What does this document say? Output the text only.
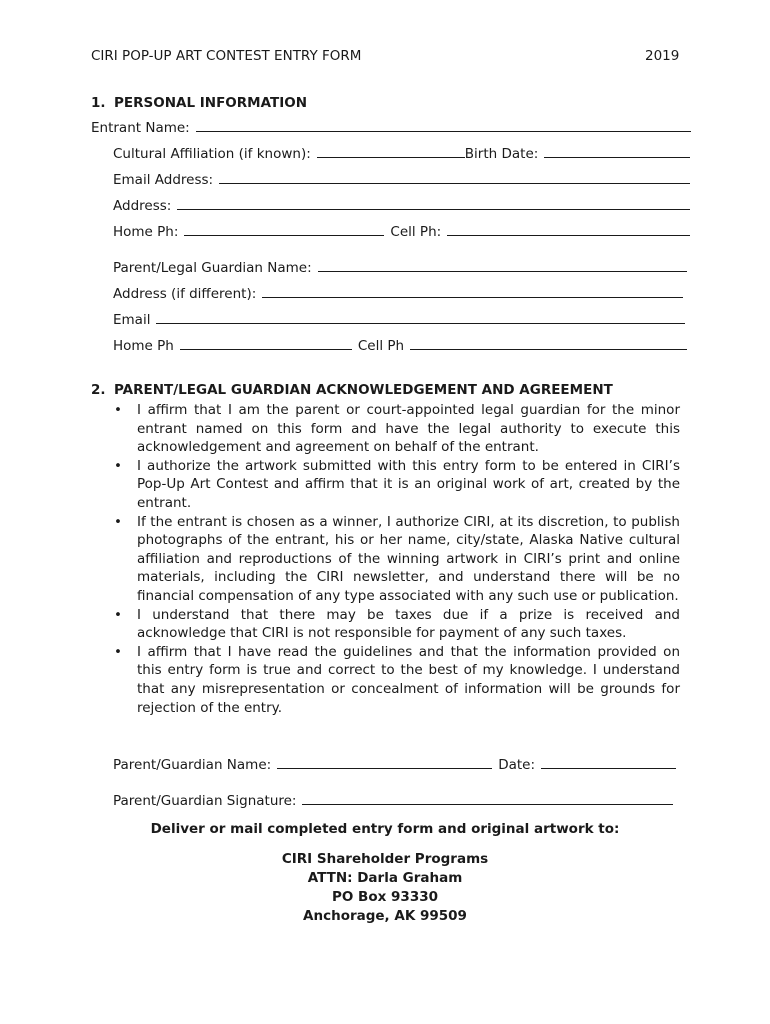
CIRI POP-UP ART CONTEST ENTRY FORM	2019
1. PERSONAL INFORMATION
Entrant Name:
Cultural Affiliation (if known):	Birth Date:
Email Address:
Address:
Home Ph:	Cell Ph:
Parent/Legal Guardian Name:
Address (if different):
Email
Home Ph	Cell Ph
2. PARENT/LEGAL GUARDIAN ACKNOWLEDGEMENT AND AGREEMENT
• I affirm that I am the parent or court-appointed legal guardian for the minor entrant named on this form and have the legal authority to execute this acknowledgement and agreement on behalf of the entrant.
• I authorize the artwork submitted with this entry form to be entered in CIRI’s Pop-Up Art Contest and affirm that it is an original work of art, created by the entrant.
• If the entrant is chosen as a winner, I authorize CIRI, at its discretion, to publish photographs of the entrant, his or her name, city/state, Alaska Native cultural affiliation and reproductions of the winning artwork in CIRI’s print and online materials, including the CIRI newsletter, and understand there will be no financial compensation of any type associated with any such use or publication.
• I understand that there may be taxes due if a prize is received and acknowledge that CIRI is not responsible for payment of any such taxes.
• I affirm that I have read the guidelines and that the information provided on this entry form is true and correct to the best of my knowledge. I understand that any misrepresentation or concealment of information will be grounds for rejection of the entry.
Parent/Guardian Name:	Date:
Parent/Guardian Signature:
Deliver or mail completed entry form and original artwork to:
CIRI Shareholder Programs
ATTN: Darla Graham
PO Box 93330
Anchorage, AK 99509
